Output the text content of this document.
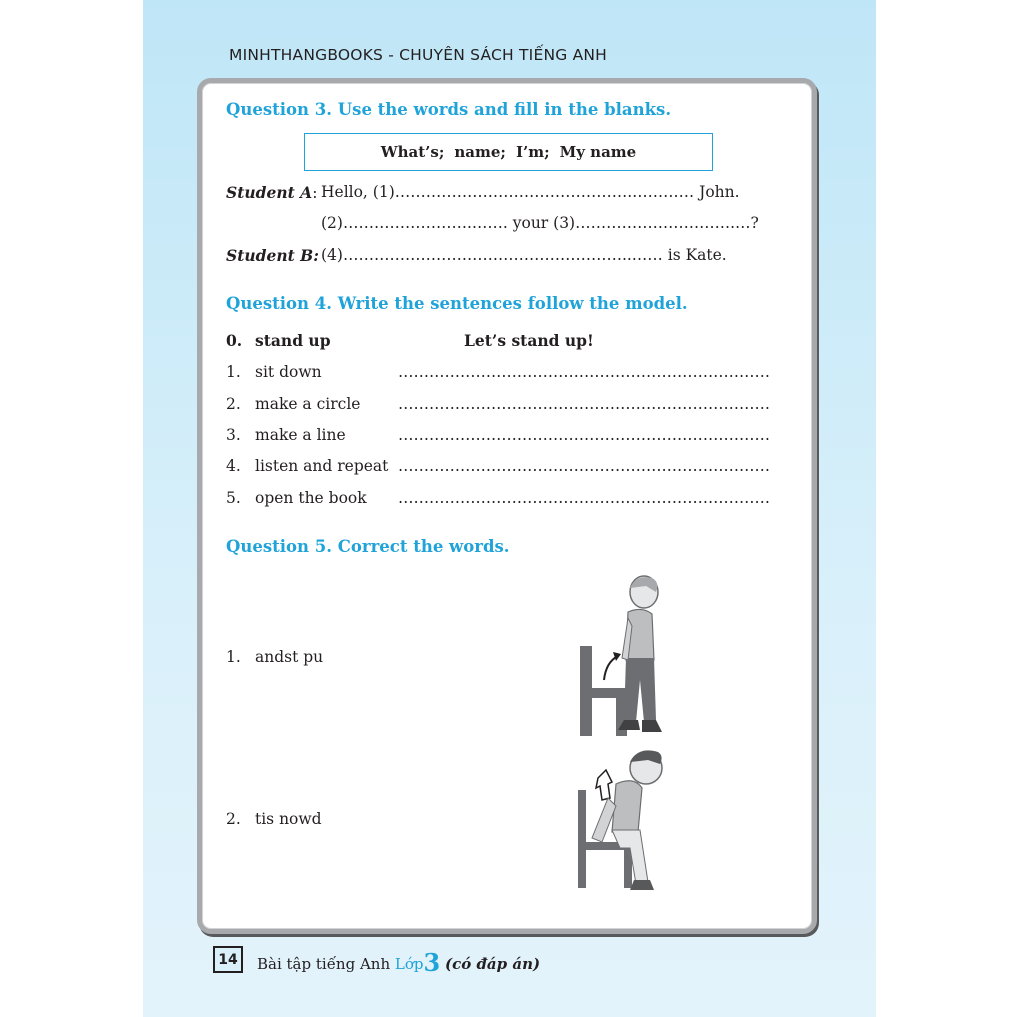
MINHTHANGBOOKS - CHUYÊN SÁCH TIẾNG ANH
Question 3. Use the words and fill in the blanks.
What’s; name; I’m; My name
Student A: Hello, (1)……………………………………….………… John.
(2)…………………….……. your (3)………………………….…?
Student B: (4)………………………………………………..…… is Kate.
Question 4. Write the sentences follow the model.
0. stand up	Let’s stand up!
1. sit down	………………………………………………………………
2. make a circle ………………………………………………………………
3. make a line	………………………………………………………………
4. listen and repeat ………………………………………………………………
5. open the book ………………………………………………………………
Question 5. Correct the words.
1. andst pu
2. tis nowd
14	Bài tập tiếng Anh Lớp3 (có đáp án)
